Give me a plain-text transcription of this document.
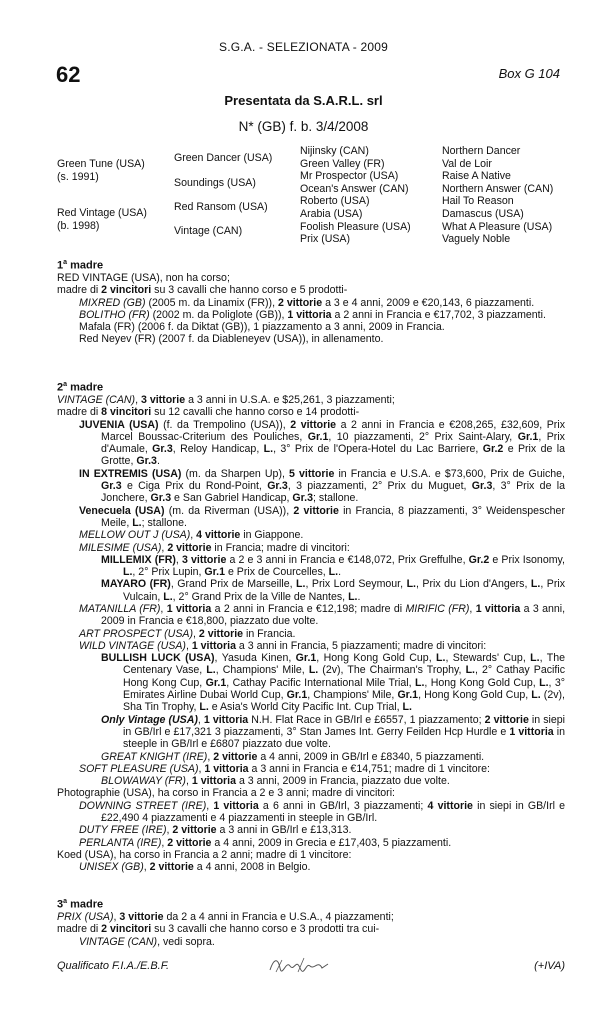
S.G.A. - SELEZIONATA - 2009
62	Box G 104
Presentata da S.A.R.L. srl
N* (GB) f. b. 3/4/2008
Green Tune (USA)
(s. 1991)
Red Vintage (USA)
(b. 1998)
Green Dancer (USA)
Soundings (USA)
Red Ransom (USA)
Vintage (CAN)
Nijinsky (CAN)
Green Valley (FR)
Mr Prospector (USA)
Ocean's Answer (CAN)
Roberto (USA)
Arabia (USA)
Foolish Pleasure (USA)
Prix (USA)
Northern Dancer
Val de Loir
Raise A Native
Northern Answer (CAN)
Hail To Reason
Damascus (USA)
What A Pleasure (USA)
Vaguely Noble

1$^a$ madre

RED VINTAGE (USA), non ha corso;

madre di 2 vincitori su 3 cavalli che hanno corso e 5 prodotti-

MIXRED (GB) (2005 m. da Linamix (FR)), 2 vittorie a 3 e 4 anni, 2009 e €20,143, 6 piazzamenti.

BOLITHO (FR) (2002 m. da Poliglote (GB)), 1 vittoria a 2 anni in Francia e €17,702, 3 piazzamenti.

Mafala (FR) (2006 f. da Diktat (GB)), 1 piazzamento a 3 anni, 2009 in Francia.

Red Neyev (FR) (2007 f. da Diableneyev (USA)), in allenamento.

2$^a$ madre

VINTAGE (CAN), 3 vittorie a 3 anni in U.S.A. e $25,261, 3 piazzamenti;

madre di 8 vincitori su 12 cavalli che hanno corso e 14 prodotti-

JUVENIA (USA) (f. da Trempolino (USA)), 2 vittorie a 2 anni in Francia e €208,265, £32,609, Prix Marcel Boussac-Criterium des Pouliches, Gr.1, 10 piazzamenti, 2° Prix Saint-Alary, Gr.1, Prix d'Aumale, Gr.3, Reloy Handicap, L., 3° Prix de l'Opera-Hotel du Lac Barriere, Gr.2 e Prix de la Grotte, Gr.3.

IN EXTREMIS (USA) (m. da Sharpen Up), 5 vittorie in Francia e U.S.A. e $73,600, Prix de Guiche, Gr.3 e Ciga Prix du Rond-Point, Gr.3, 3 piazzamenti, 2° Prix du Muguet, Gr.3, 3° Prix de la Jonchere, Gr.3 e San Gabriel Handicap, Gr.3; stallone.

Venecuela (USA) (m. da Riverman (USA)), 2 vittorie in Francia, 8 piazzamenti, 3° Weidenspescher Meile, L.; stallone.

MELLOW OUT J (USA), 4 vittorie in Giappone.

MILESIME (USA), 2 vittorie in Francia; madre di vincitori:

MILLEMIX (FR), 3 vittorie a 2 e 3 anni in Francia e €148,072, Prix Greffulhe, Gr.2 e Prix Isonomy, L., 2° Prix Lupin, Gr.1 e Prix de Courcelles, L..

MAYARO (FR), Grand Prix de Marseille, L., Prix Lord Seymour, L., Prix du Lion d'Angers, L., Prix Vulcain, L., 2° Grand Prix de la Ville de Nantes, L..

MATANILLA (FR), 1 vittoria a 2 anni in Francia e €12,198; madre di MIRIFIC (FR), 1 vittoria a 3 anni, 2009 in Francia e €18,800, piazzato due volte.

ART PROSPECT (USA), 2 vittorie in Francia.

WILD VINTAGE (USA), 1 vittoria a 3 anni in Francia, 5 piazzamenti; madre di vincitori:

BULLISH LUCK (USA), Yasuda Kinen, Gr.1, Hong Kong Gold Cup, L., Stewards' Cup, L., The Centenary Vase, L., Champions' Mile, L. (2v), The Chairman's Trophy, L., 2° Cathay Pacific Hong Kong Cup, Gr.1, Cathay Pacific International Mile Trial, L., Hong Kong Gold Cup, L., 3° Emirates Airline Dubai World Cup, Gr.1, Champions' Mile, Gr.1, Hong Kong Gold Cup, L. (2v), Sha Tin Trophy, L. e Asia's World City Pacific Int. Cup Trial, L.

Only Vintage (USA), 1 vittoria N.H. Flat Race in GB/Irl e £6557, 1 piazzamento; 2 vittorie in siepi in GB/Irl e £17,321 3 piazzamenti, 3° Stan James Int. Gerry Feilden Hcp Hurdle e 1 vittoria in steeple in GB/Irl e £6807 piazzato due volte.

GREAT KNIGHT (IRE), 2 vittorie a 4 anni, 2009 in GB/Irl e £8340, 5 piazzamenti.

SOFT PLEASURE (USA), 1 vittoria a 3 anni in Francia e €14,751; madre di 1 vincitore:

BLOWAWAY (FR), 1 vittoria a 3 anni, 2009 in Francia, piazzato due volte.

Photographie (USA), ha corso in Francia a 2 e 3 anni; madre di vincitori:

DOWNING STREET (IRE), 1 vittoria a 6 anni in GB/Irl, 3 piazzamenti; 4 vittorie in siepi in GB/Irl e £22,490 4 piazzamenti e 4 piazzamenti in steeple in GB/Irl.

DUTY FREE (IRE), 2 vittorie a 3 anni in GB/Irl e £13,313.

PERLANTA (IRE), 2 vittorie a 4 anni, 2009 in Grecia e £17,403, 5 piazzamenti.

Koed (USA), ha corso in Francia a 2 anni; madre di 1 vincitore:

UNISEX (GB), 2 vittorie a 4 anni, 2008 in Belgio.

3$^a$ madre

PRIX (USA), 3 vittorie da 2 a 4 anni in Francia e U.S.A., 4 piazzamenti;

madre di 2 vincitori su 3 cavalli che hanno corso e 3 prodotti tra cui-

VINTAGE (CAN), vedi sopra.

Qualificato F.I.A./E.B.F.	(+IVA)
